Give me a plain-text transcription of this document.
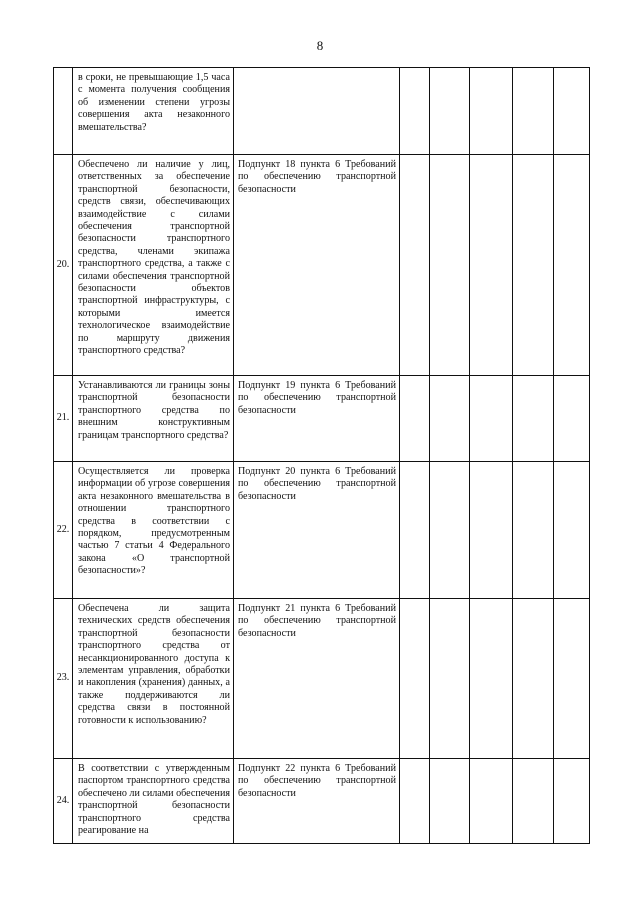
8
	в сроки, не превышающие 1,5 часа с момента получения сообщения об изменении степени угрозы совершения акта незаконного вмешательства?						
20.	Обеспечено ли наличие у лиц, ответственных за обеспечение транспортной безопасности, средств связи, обеспечивающих взаимодействие с силами обеспечения транспортной безопасности транспортного средства, членами экипажа транспортного средства, а также с силами обеспечения транспортной безопасности объектов транспортной инфраструктуры, с которыми имеется технологическое взаимодействие по маршруту движения транспортного средства?	Подпункт 18 пункта 6 Требований по обеспечению транспортной безопасности					
21.	Устанавливаются ли границы зоны транспортной безопасности транспортного средства по внешним конструктивным границам транспортного средства?	Подпункт 19 пункта 6 Требований по обеспечению транспортной безопасности					
22.	Осуществляется ли проверка информации об угрозе совершения акта незаконного вмешательства в отношении транспортного средства в соответствии с порядком, предусмотренным частью 7 статьи 4 Федерального закона «О транспортной безопасности»?	Подпункт 20 пункта 6 Требований по обеспечению транспортной безопасности					
23.	Обеспечена ли защита технических средств обеспечения транспортной безопасности транспортного средства от несанкционированного доступа к элементам управления, обработки и накопления (хранения) данных, а также поддерживаются ли средства связи в постоянной готовности к использованию?	Подпункт 21 пункта 6 Требований по обеспечению транспортной безопасности					
24.	В соответствии с утвержденным паспортом транспортного средства обеспечено ли силами обеспечения транспортной безопасности транспортного средства реагирование на	Подпункт 22 пункта 6 Требований по обеспечению транспортной безопасности					
